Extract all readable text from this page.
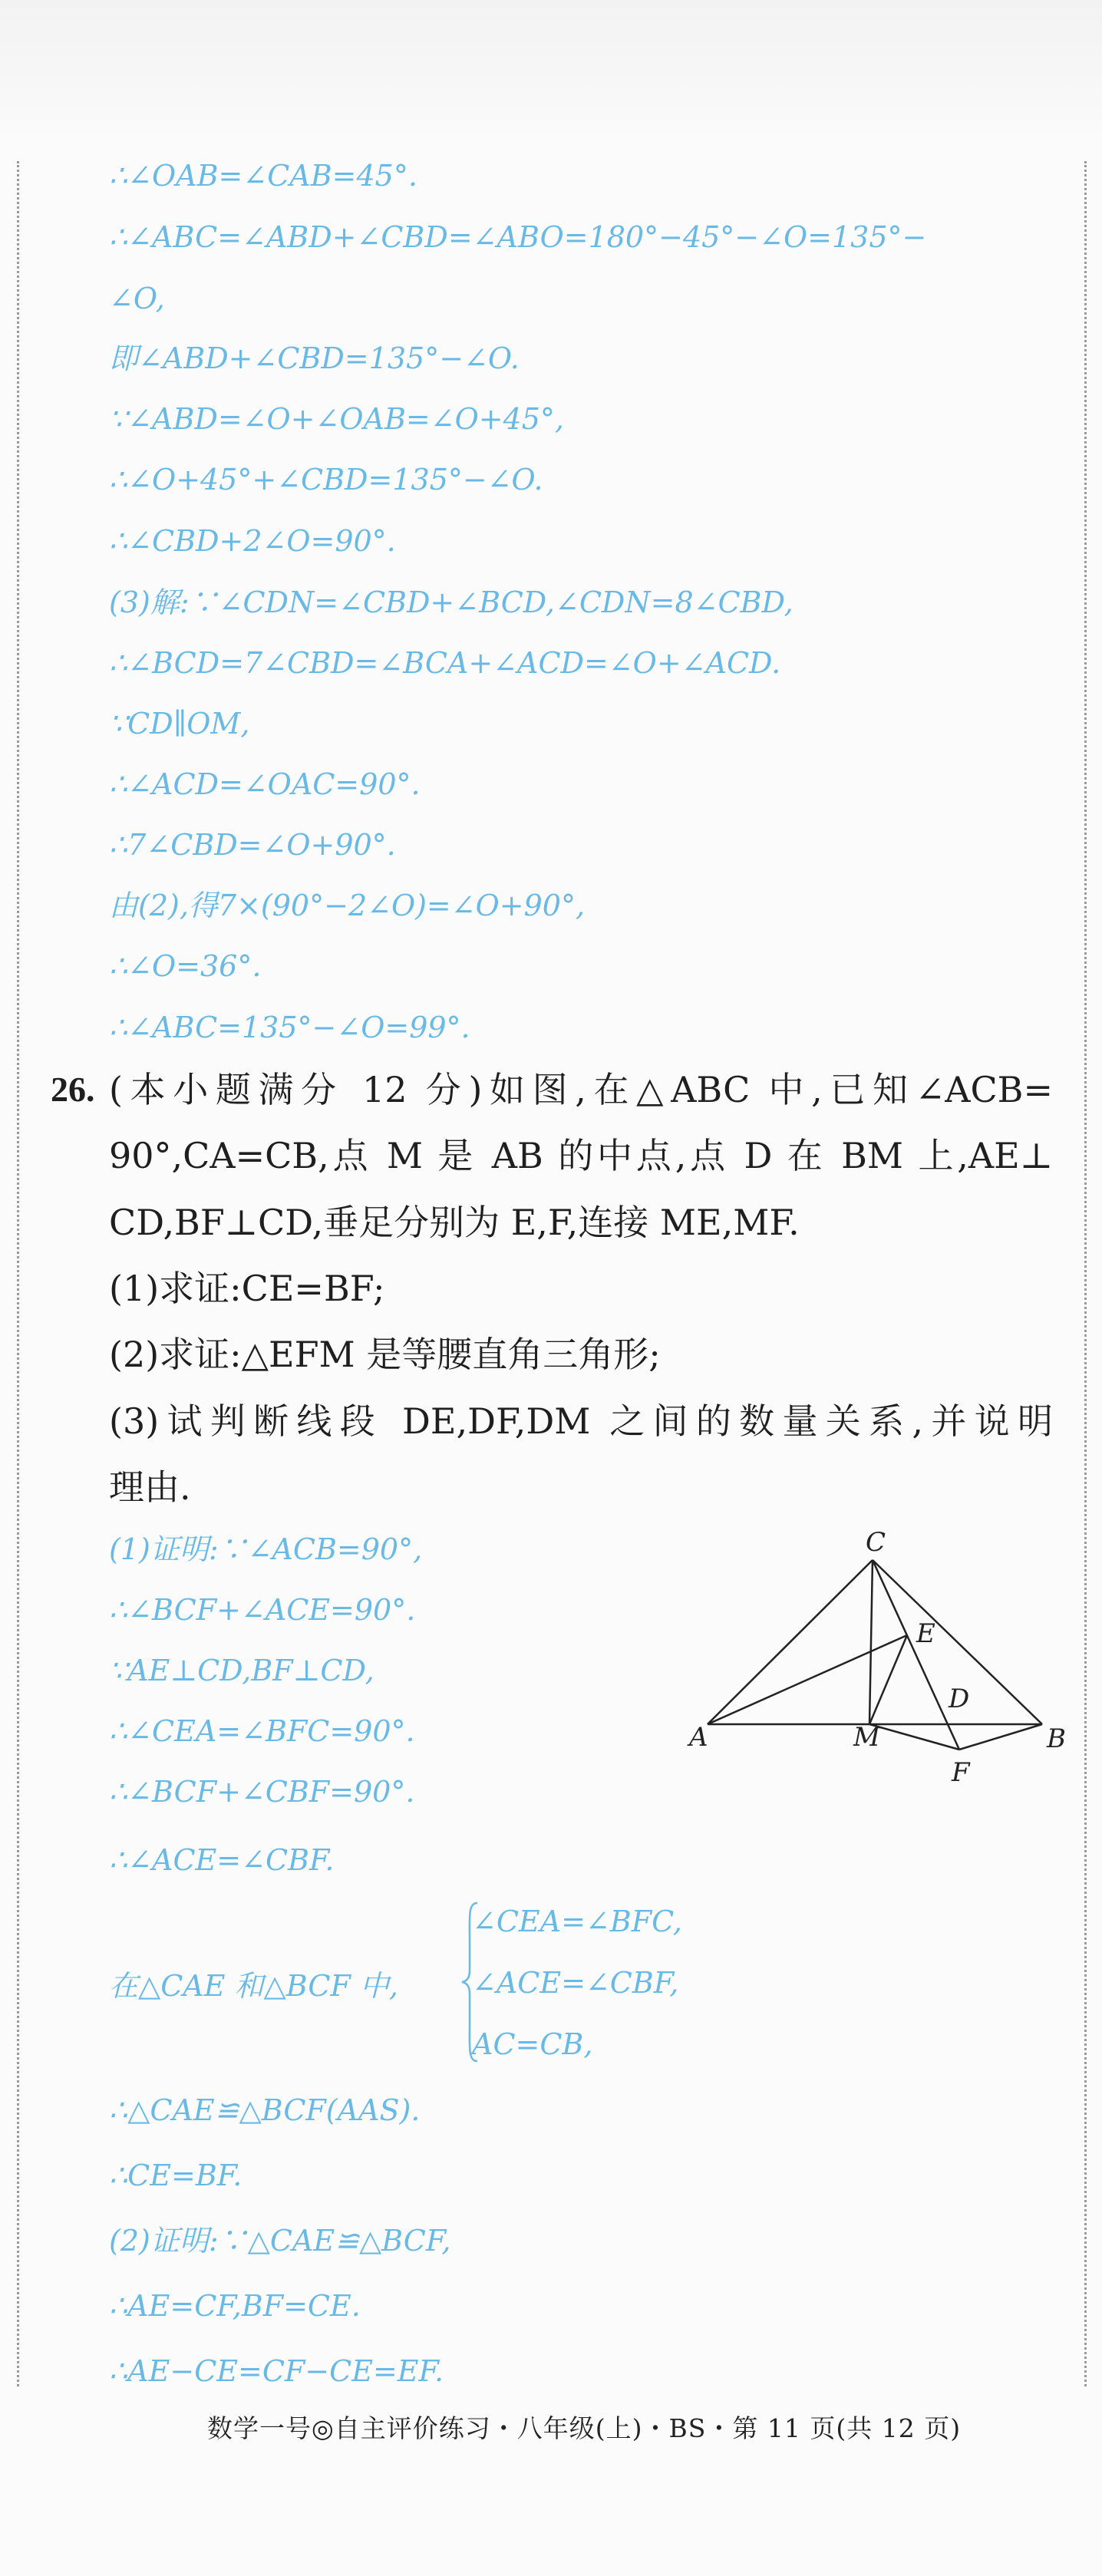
∴∠OAB=∠CAB=45°.
∴∠ABC=∠ABD+∠CBD=∠ABO=180°−45°−∠O=135°−
∠O,
即∠ABD+∠CBD=135°−∠O.
∵∠ABD=∠O+∠OAB=∠O+45°,
∴∠O+45°+∠CBD=135°−∠O.
∴∠CBD+2∠O=90°.
(3)解:∵∠CDN=∠CBD+∠BCD,∠CDN=8∠CBD,
∴∠BCD=7∠CBD=∠BCA+∠ACD=∠O+∠ACD.
∵CD∥OM,
∴∠ACD=∠OAC=90°.
∴7∠CBD=∠O+90°.
由(2),得7×(90°−2∠O)=∠O+90°,
∴∠O=36°.
∴∠ABC=135°−∠O=99°.
26. (本小题满分 12 分)如图,在△ABC 中,已知∠ACB=
90°,CA=CB,点 M 是 AB 的中点,点 D 在 BM 上,AE⊥
CD,BF⊥CD,垂足分别为 E,F,连接 ME,MF.
(1)求证:CE=BF;
(2)求证:△EFM 是等腰直角三角形;
(3)试判断线段 DE,DF,DM 之间的数量关系,并说明
理由.
(1)证明:∵∠ACB=90°,
∴∠BCF+∠ACE=90°.
∵AE⊥CD,BF⊥CD,
∴∠CEA=∠BFC=90°.
∴∠BCF+∠CBF=90°.
∴∠ACE=∠CBF.
在△CAE 和△BCF 中,
∠CEA=∠BFC,
∠ACE=∠CBF,
AC=CB,
∴△CAE≌△BCF(AAS).
∴CE=BF.
(2)证明:∵△CAE≌△BCF,
∴AE=CF,BF=CE.
∴AE−CE=CF−CE=EF.
C
E
D
A	M	B
F
数学一号◎自主评价练习・八年级(上)・BS・第 11 页(共 12 页)
